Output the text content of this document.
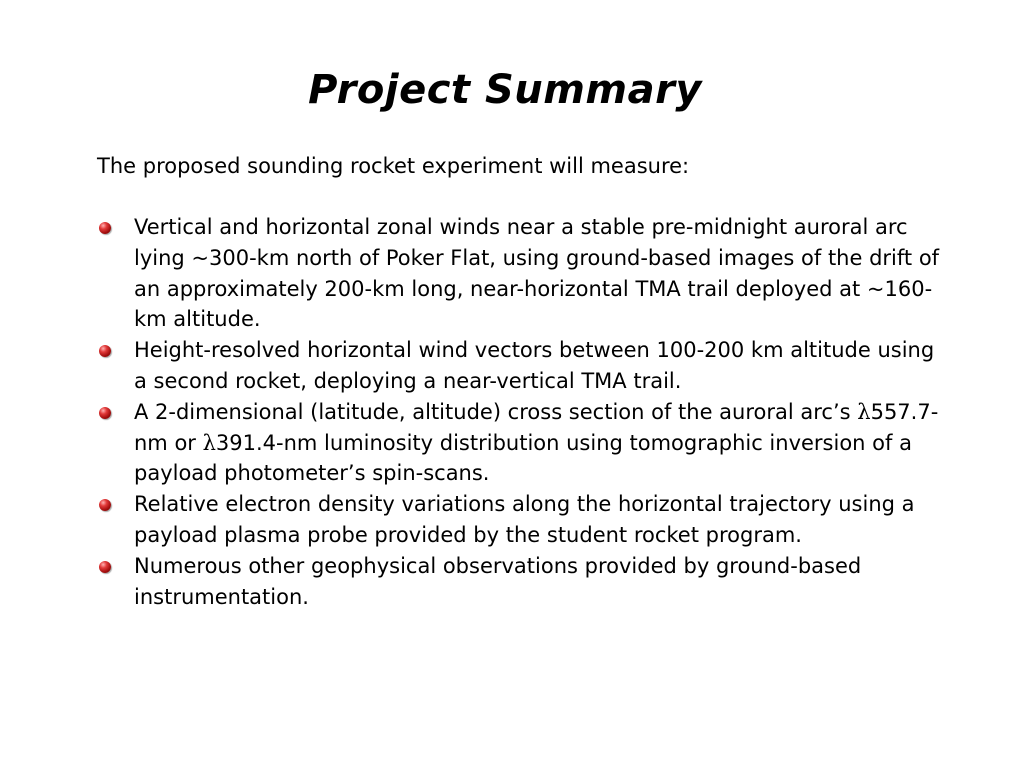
Project Summary
The proposed sounding rocket experiment will measure:
Vertical and horizontal zonal winds near a stable pre-midnight auroral arc lying ~300-km north of Poker Flat, using ground-based images of the drift of an approximately 200-km long, near-horizontal TMA trail deployed at ~160-km altitude.
Height-resolved horizontal wind vectors between 100-200 km altitude using a second rocket, deploying a near-vertical TMA trail.
A 2-dimensional (latitude, altitude) cross section of the auroral arc’s λ557.7-nm or λ391.4-nm luminosity distribution using tomographic inversion of a payload photometer’s spin-scans.
Relative electron density variations along the horizontal trajectory using a payload plasma probe provided by the student rocket program.
Numerous other geophysical observations provided by ground-based instrumentation.
